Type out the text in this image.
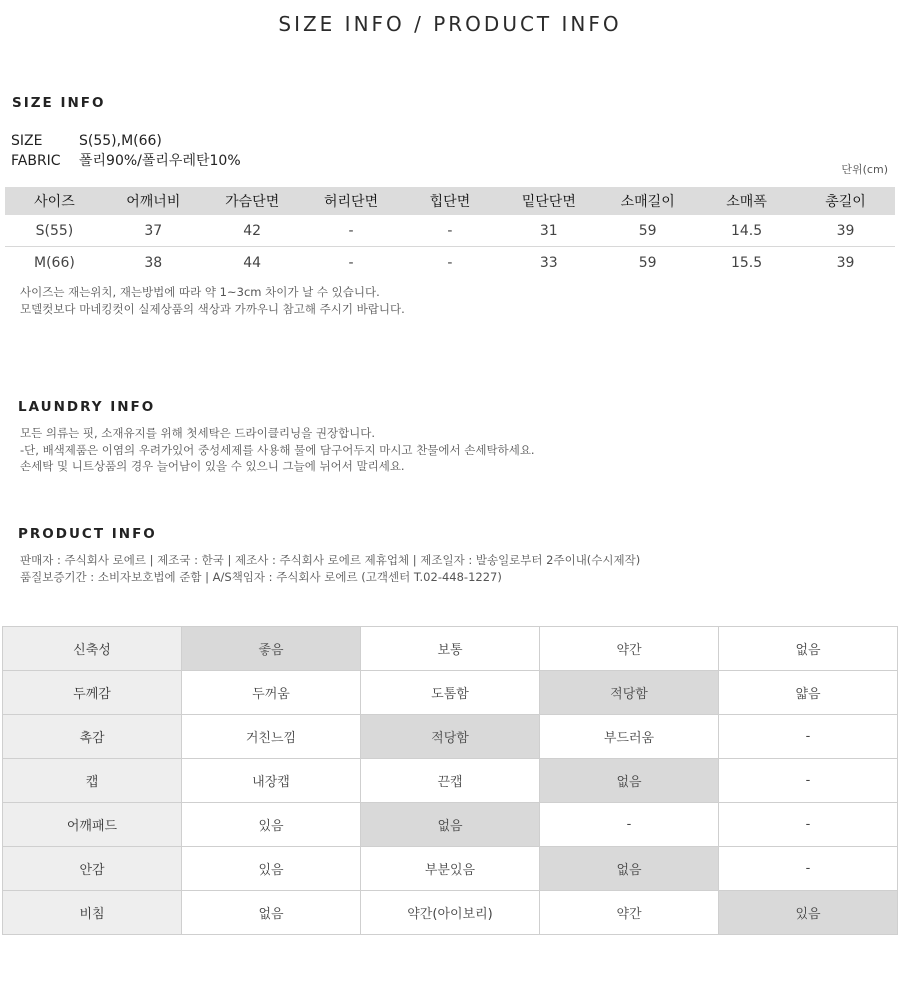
SIZE INFO / PRODUCT INFO
SIZE INFO
SIZE	S(55),M(66)
FABRIC 폴리90%/폴리우레탄10%
단위(cm)
사이즈	어깨너비	가슴단면	허리단면	힙단면	밑단단면	소매길이	소매폭	총길이
S(55)	37	42	-	-	31	59	14.5	39
M(66)	38	44	-	-	33	59	15.5	39
사이즈는 재는위치, 재는방법에 따라 약 1~3cm 차이가 날 수 있습니다.
모델컷보다 마네킹컷이 실제상품의 색상과 가까우니 참고해 주시기 바랍니다.
LAUNDRY INFO
모든 의류는 핏, 소재유지를 위해 첫세탁은 드라이클리닝을 권장합니다.
-단, 배색제품은 이염의 우려가있어 중성세제를 사용해 물에 담구어두지 마시고 찬물에서 손세탁하세요.
손세탁 및 니트상품의 경우 늘어남이 있을 수 있으니 그늘에 뉘어서 말리세요.
PRODUCT INFO
판매자 : 주식회사 로에르 | 제조국 : 한국 | 제조사 : 주식회사 로에르 제휴업체 | 제조일자 : 발송일로부터 2주이내(수시제작)
품질보증기간 : 소비자보호법에 준함 | A/S책임자 : 주식회사 로에르 (고객센터 T.02-448-1227)
신축성	좋음	보통	약간	없음
두께감	두꺼움	도톰함	적당함	얇음
촉감	거친느낌	적당함	부드러움	-
캡	내장캡	끈캡	없음	-
어깨패드	있음	없음	-	-
안감	있음	부분있음	없음	-
비침	없음	약간(아이보리)	약간	있음
